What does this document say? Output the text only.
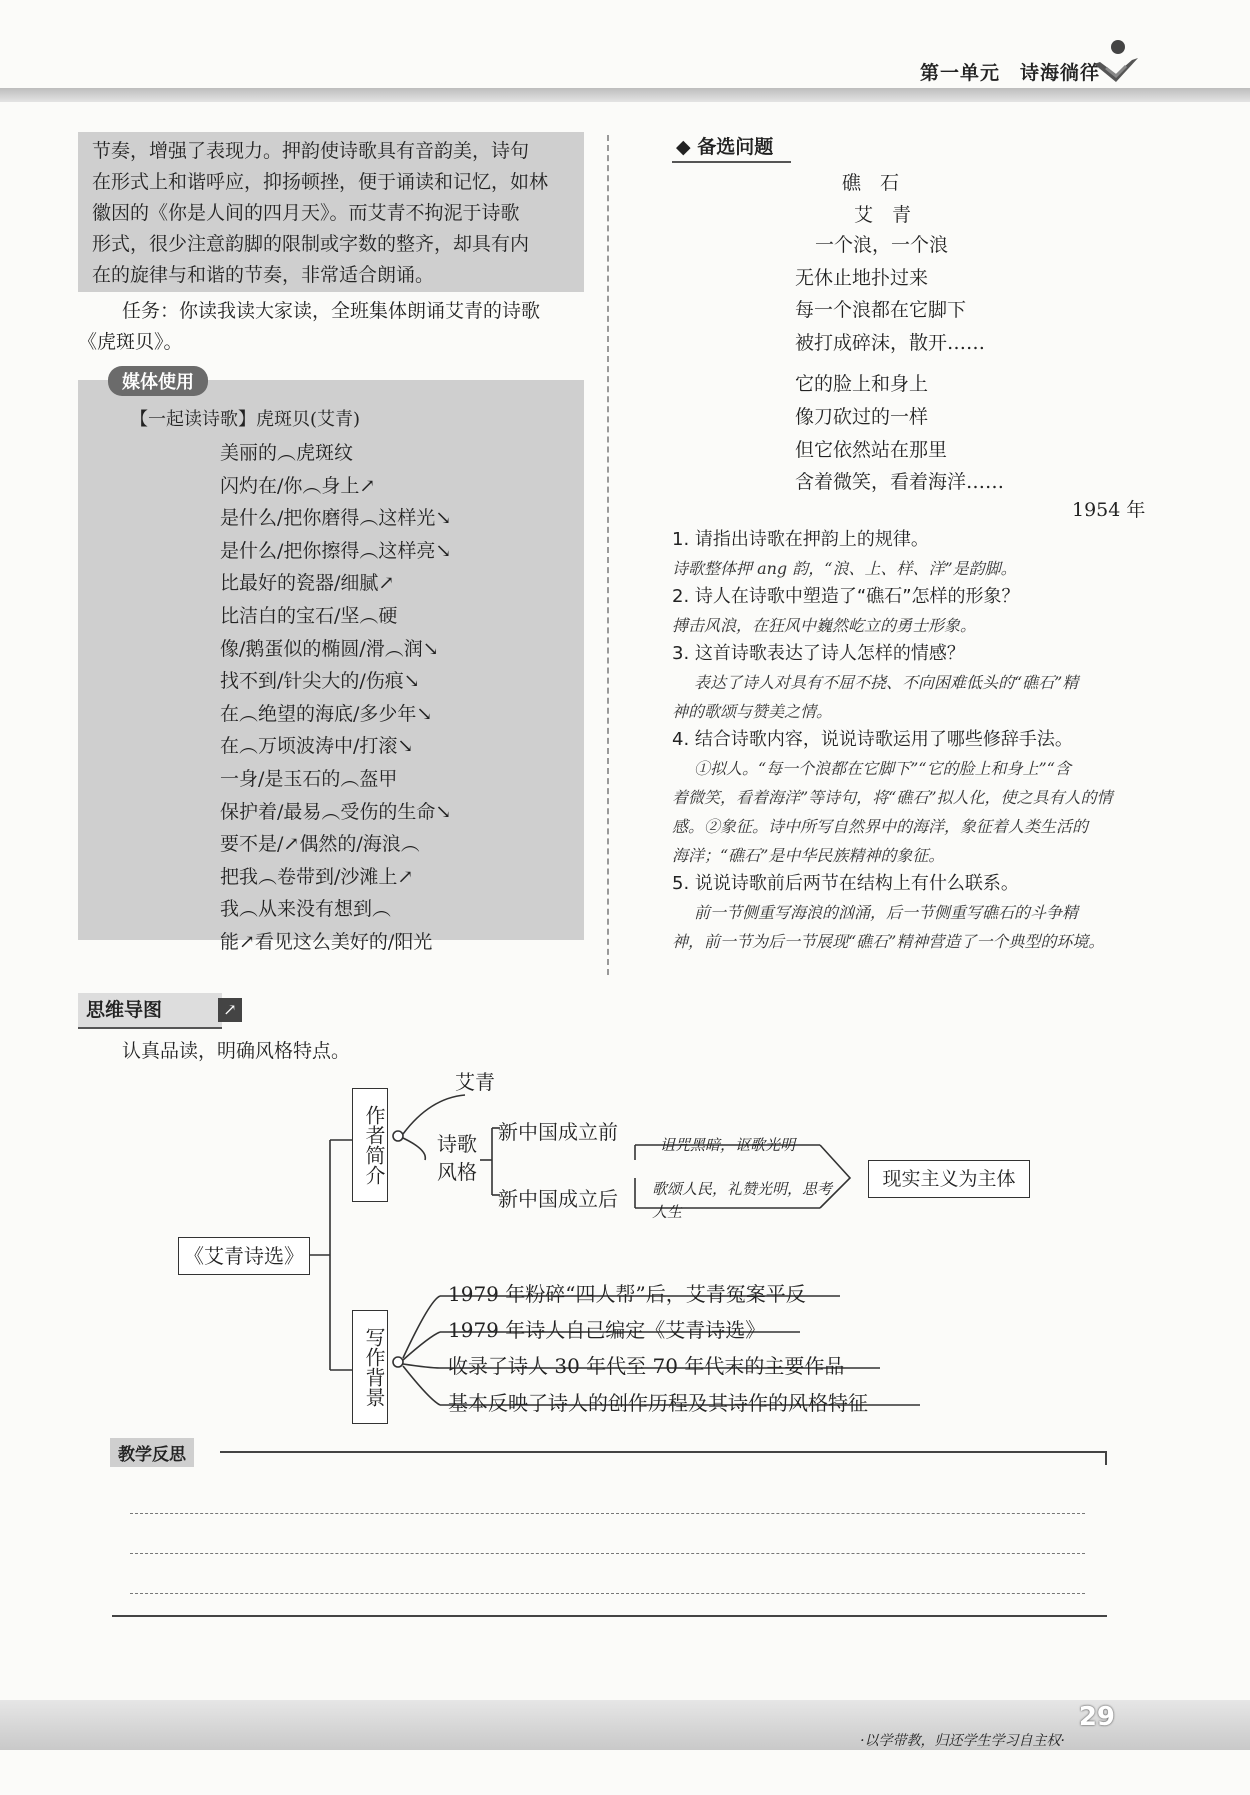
第一单元　诗海徜徉
节奏，增强了表现力。押韵使诗歌具有音韵美，诗句
在形式上和谐呼应，抑扬顿挫，便于诵读和记忆，如林
徽因的《你是人间的四月天》。而艾青不拘泥于诗歌
形式，很少注意韵脚的限制或字数的整齐，却具有内
在的旋律与和谐的节奏，非常适合朗诵。
任务：你读我读大家读，全班集体朗诵艾青的诗歌
《虎斑贝》。
媒体使用
【一起读诗歌】虎斑贝(艾青)
美丽的︵虎斑纹
闪灼在/你︵身上↗
是什么/把你磨得︵这样光↘
是什么/把你擦得︵这样亮↘
比最好的瓷器/细腻↗
比洁白的宝石/坚︵硬
像/鹅蛋似的椭圆/滑︵润↘
找不到/针尖大的/伤痕↘
在︵绝望的海底/多少年↘
在︵万顷波涛中/打滚↘
一身/是玉石的︵盔甲
保护着/最易︵受伤的生命↘
要不是/↗偶然的/海浪︵
把我︵卷带到/沙滩上↗
我︵从来没有想到︵
能↗看见这么美好的/阳光
◆ 备选问题
礁　石
艾　青
一个浪，一个浪
无休止地扑过来
每一个浪都在它脚下
被打成碎沫，散开……
它的脸上和身上
像刀砍过的一样
但它依然站在那里
含着微笑，看着海洋……
1954 年
1. 请指出诗歌在押韵上的规律。
诗歌整体押 ang 韵，“浪、上、样、洋”是韵脚。
2. 诗人在诗歌中塑造了“礁石”怎样的形象？
搏击风浪，在狂风中巍然屹立的勇士形象。
3. 这首诗歌表达了诗人怎样的情感？
表达了诗人对具有不屈不挠、不向困难低头的“礁石”精
神的歌颂与赞美之情。
4. 结合诗歌内容，说说诗歌运用了哪些修辞手法。
①拟人。“每一个浪都在它脚下”“它的脸上和身上”“含
着微笑，看着海洋”等诗句，将“礁石”拟人化，使之具有人的情
感。②象征。诗中所写自然界中的海洋，象征着人类生活的
海洋；“礁石”是中华民族精神的象征。
5. 说说诗歌前后两节在结构上有什么联系。
前一节侧重写海浪的汹涌，后一节侧重写礁石的斗争精
神，前一节为后一节展现“礁石”精神营造了一个典型的环境。
思维导图	↗
认真品读，明确风格特点。
《艾青诗选》
作者简介
艾青
诗歌风格
新中国成立前
新中国成立后
诅咒黑暗，讴歌光明
歌颂人民，礼赞光明，思考人生
现实主义为主体
写作背景
1979 年粉碎“四人帮”后，艾青冤案平反
1979 年诗人自己编定《艾青诗选》
收录了诗人 30 年代至 70 年代末的主要作品
基本反映了诗人的创作历程及其诗作的风格特征
教学反思
·以学带教，归还学生学习自主权·
29
